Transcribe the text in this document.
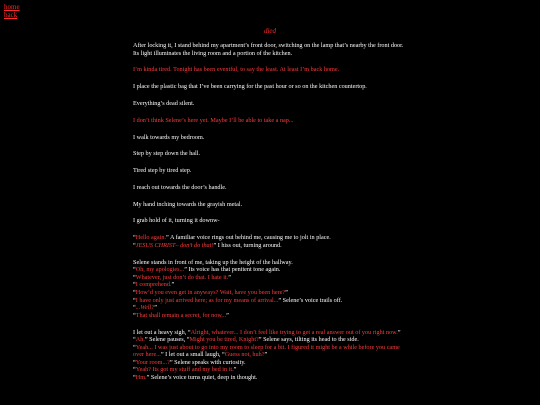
home
back
died

After locking it, I stand behind my apartment’s front door, switching on the lamp that’s nearby the front door.
Its light illuminates the living room and a portion of the kitchen.

I’m kinda tired. Tonight has been eventful, to say the least. At least I’m back home.

I place the plastic bag that I’ve been carrying for the past hour or so on the kitchen countertop.

Everything’s dead silent.

I don’t think Selene’s here yet. Maybe I’ll be able to take a nap...

I walk towards my bedroom.

Step by step down the hall.

Tired step by tired step.

I reach out towards the door’s handle.

My hand inching towards the grayish metal.

I grab hold of it, turning it downw-

“Hello again.” A familiar voice rings out behind me, causing me to jolt in place.
“JESUS CHRIST– don’t do that!” I hiss out, turning around.

Selene stands in front of me, taking up the height of the hallway.
“Oh, my apologies...” Its voice has that penitent tone again.
“Whatever, just don’t do that. I hate it.”
“I comprehend.”
“How’d you even get in anyways? Wait, have you been here?”
“I have only just arrived here; as for my means of arrival...” Selene’s voice trails off.
“...Well?”
“That shall remain a secret, for now...”

I let out a heavy sigh, “Alright, whatever... I don’t feel like trying to get a real answer out of you right now.”
“Ah.” Selene pauses, “Might you be tired, Knight?” Selene says, tilting its head to the side.
“Yeah... I was just about to go into my room to sleep for a bit. I figured it might be a while before you came over here...” I let out a small laugh, “Guess not, huh?”
“Your room...?” Selene speaks with curiosity.
“Yeah? Its got my stuff and my bed in it.”
“Hm.” Selene’s voice turns quiet, deep in thought.
